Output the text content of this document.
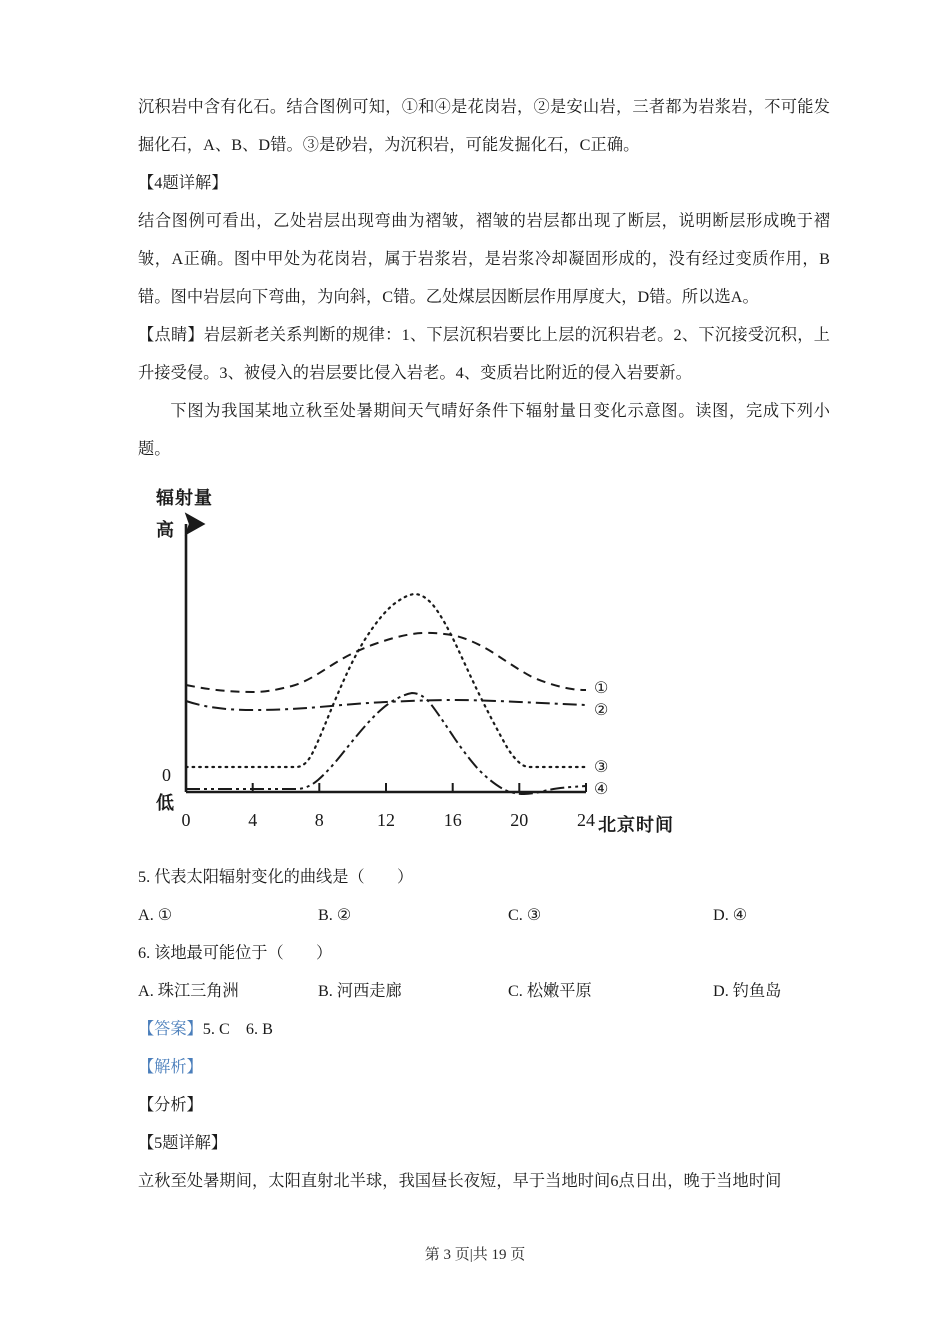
沉积岩中含有化石。结合图例可知，①和④是花岗岩，②是安山岩，三者都为岩浆岩，不可能发掘化石，A、B、D错。③是砂岩，为沉积岩，可能发掘化石，C正确。

【4题详解】

结合图例可看出，乙处岩层出现弯曲为褶皱，褶皱的岩层都出现了断层，说明断层形成晚于褶皱，A正确。图中甲处为花岗岩，属于岩浆岩，是岩浆冷却凝固形成的，没有经过变质作用，B错。图中岩层向下弯曲，为向斜，C错。乙处煤层因断层作用厚度大，D错。所以选A。

【点睛】岩层新老关系判断的规律：1、下层沉积岩要比上层的沉积岩老。2、下沉接受沉积，上升接受侵。3、被侵入的岩层要比侵入岩老。4、变质岩比附近的侵入岩要新。

下图为我国某地立秋至处暑期间天气晴好条件下辐射量日变化示意图。读图，完成下列小题。

辐射量
高
低
0
北京时间
①
②
③
④
0	4	8	12	16	20	24

5. 代表太阳辐射变化的曲线是（　　）

A. ①	B. ②	C. ③	D. ④

6. 该地最可能位于（　　）

A. 珠江三角洲	B. 河西走廊	C. 松嫩平原	D. 钓鱼岛

【答案】5. C　6. B

【解析】

【分析】

【5题详解】

立秋至处暑期间，太阳直射北半球，我国昼长夜短，早于当地时间6点日出，晚于当地时间

第 3 页|共 19 页
